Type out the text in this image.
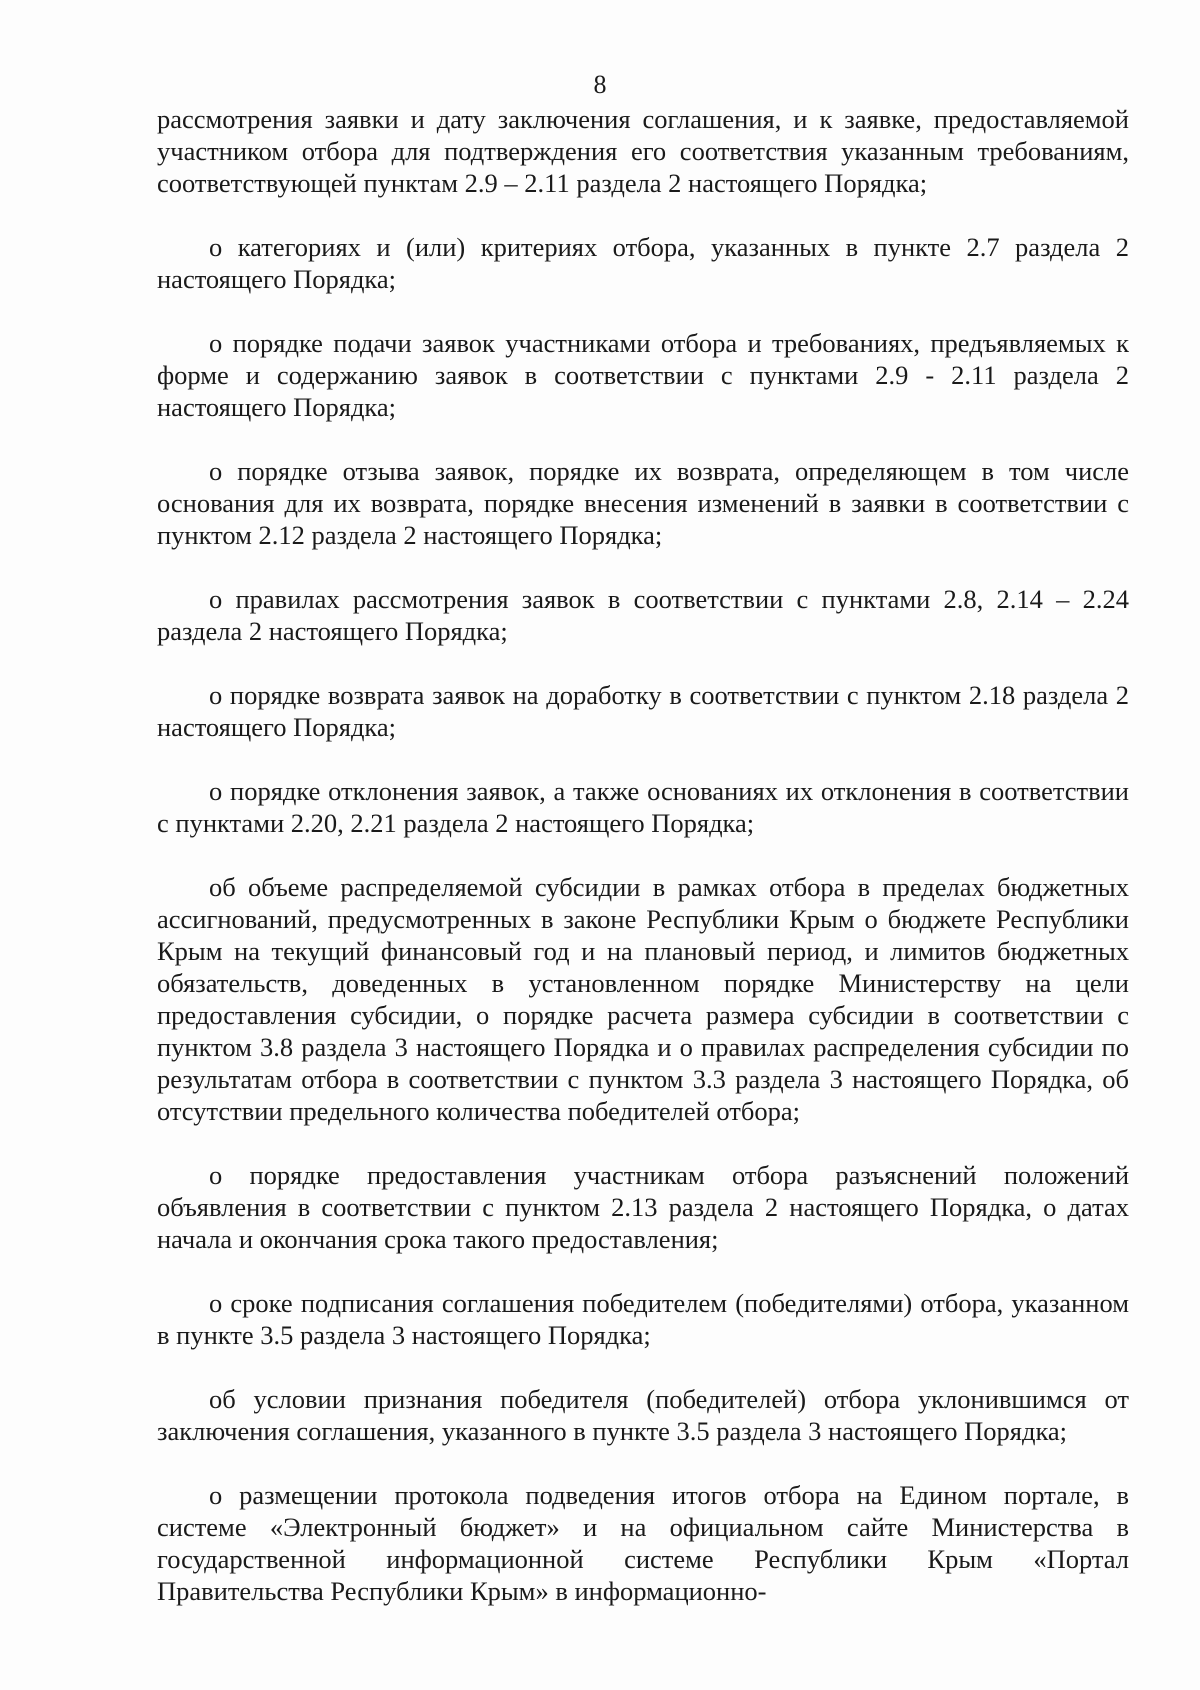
8

рассмотрения заявки и дату заключения соглашения, и к заявке, предоставляемой участником отбора для подтверждения его соответствия указанным требованиям, соответствующей пунктам 2.9 – 2.11 раздела 2 настоящего Порядка;

о категориях и (или) критериях отбора, указанных в пункте 2.7 раздела 2 настоящего Порядка;

о порядке подачи заявок участниками отбора и требованиях, предъявляемых к форме и содержанию заявок в соответствии с пунктами 2.9 - 2.11 раздела 2 настоящего Порядка;

о порядке отзыва заявок, порядке их возврата, определяющем в том числе основания для их возврата, порядке внесения изменений в заявки в соответствии с пунктом 2.12 раздела 2 настоящего Порядка;

о правилах рассмотрения заявок в соответствии с пунктами 2.8, 2.14 – 2.24 раздела 2 настоящего Порядка;

о порядке возврата заявок на доработку в соответствии с пунктом 2.18 раздела 2 настоящего Порядка;

о порядке отклонения заявок, а также основаниях их отклонения в соответствии с пунктами 2.20, 2.21 раздела 2 настоящего Порядка;

об объеме распределяемой субсидии в рамках отбора в пределах бюджетных ассигнований, предусмотренных в законе Республики Крым о бюджете Республики Крым на текущий финансовый год и на плановый период, и лимитов бюджетных обязательств, доведенных в установленном порядке Министерству на цели предоставления субсидии, о порядке расчета размера субсидии в соответствии с пунктом 3.8 раздела 3 настоящего Порядка и о правилах распределения субсидии по результатам отбора в соответствии с пунктом 3.3 раздела 3 настоящего Порядка, об отсутствии предельного количества победителей отбора;

о порядке предоставления участникам отбора разъяснений положений объявления в соответствии с пунктом 2.13 раздела 2 настоящего Порядка, о датах начала и окончания срока такого предоставления;

о сроке подписания соглашения победителем (победителями) отбора, указанном в пункте 3.5 раздела 3 настоящего Порядка;

об условии признания победителя (победителей) отбора уклонившимся от заключения соглашения, указанного в пункте 3.5 раздела 3 настоящего Порядка;

о размещении протокола подведения итогов отбора на Едином портале, в системе «Электронный бюджет» и на официальном сайте Министерства в государственной информационной системе Республики Крым «Портал Правительства Республики Крым» в информационно-
